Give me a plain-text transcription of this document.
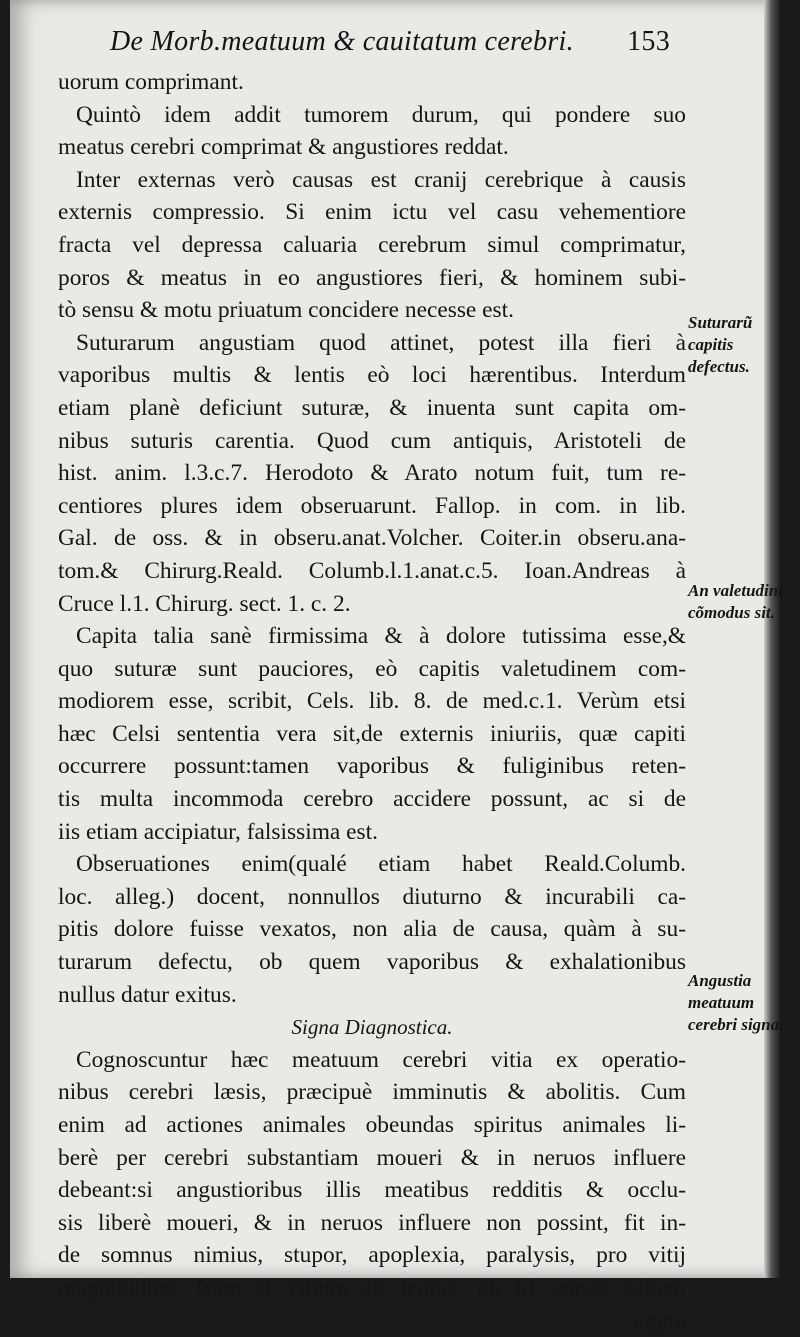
De Morb.meatuum & cauitatum cerebri. 153
uorum comprimant.
Quintò idem addit tumorem durum, qui pondere suo
meatus cerebri comprimat & angustiores reddat.
Inter externas verò causas est cranij cerebrique à causis
externis compressio. Si enim ictu vel casu vehementiore
fracta vel depressa caluaria cerebrum simul comprimatur,
poros & meatus in eo angustiores fieri, & hominem subi-
tò sensu & motu priuatum concidere necesse est.
Suturarum angustiam quod attinet, potest illa fieri à
vaporibus multis & lentis eò loci hærentibus. Interdum
etiam planè deficiunt suturæ, & inuenta sunt capita om-
nibus suturis carentia. Quod cum antiquis, Aristoteli de
hist. anim. l.3.c.7. Herodoto & Arato notum fuit, tum re-
centiores plures idem obseruarunt. Fallop. in com. in lib.
Gal. de oss. & in obseru.anat.Volcher. Coiter.in obseru.ana-
tom.& Chirurg.Reald. Columb.l.1.anat.c.5. Ioan.Andreas à
Cruce l.1. Chirurg. sect. 1. c. 2.
Capita talia sanè firmissima & à dolore tutissima esse,&
quo suturæ sunt pauciores, eò capitis valetudinem com-
modiorem esse, scribit, Cels. lib. 8. de med.c.1. Verùm etsi
hæc Celsi sententia vera sit,de externis iniuriis, quæ capiti
occurrere possunt:tamen vaporibus & fuliginibus reten-
tis multa incommoda cerebro accidere possunt, ac si de
iis etiam accipiatur, falsissima est.
Obseruationes enim(qualé etiam habet Reald.Columb.
loc. alleg.) docent, nonnullos diuturno & incurabili ca-
pitis dolore fuisse vexatos, non alia de causa, quàm à su-
turarum defectu, ob quem vaporibus & exhalationibus
nullus datur exitus.
Signa Diagnostica.
Cognoscuntur hæc meatuum cerebri vitia ex operatio-
nibus cerebri læsis, præcipuè imminutis & abolitis. Cum
enim ad actiones animales obeundas spiritus animales li-
berè per cerebri substantiam moueri & in neruos influere
debeant:si angustioribus illis meatibus redditis & occlu-
sis liberè moueri, & in neruos influere non possint, fit in-
de somnus nimius, stupor, apoplexia, paralysis, pro vitij
magnitudine. Nam si vitium sit leuius, ob id sensus saltem
aggra
Suturarũ capitis defectus.
An valetudini cõmodus sit.
Angustia meatuum cerebri signa.
